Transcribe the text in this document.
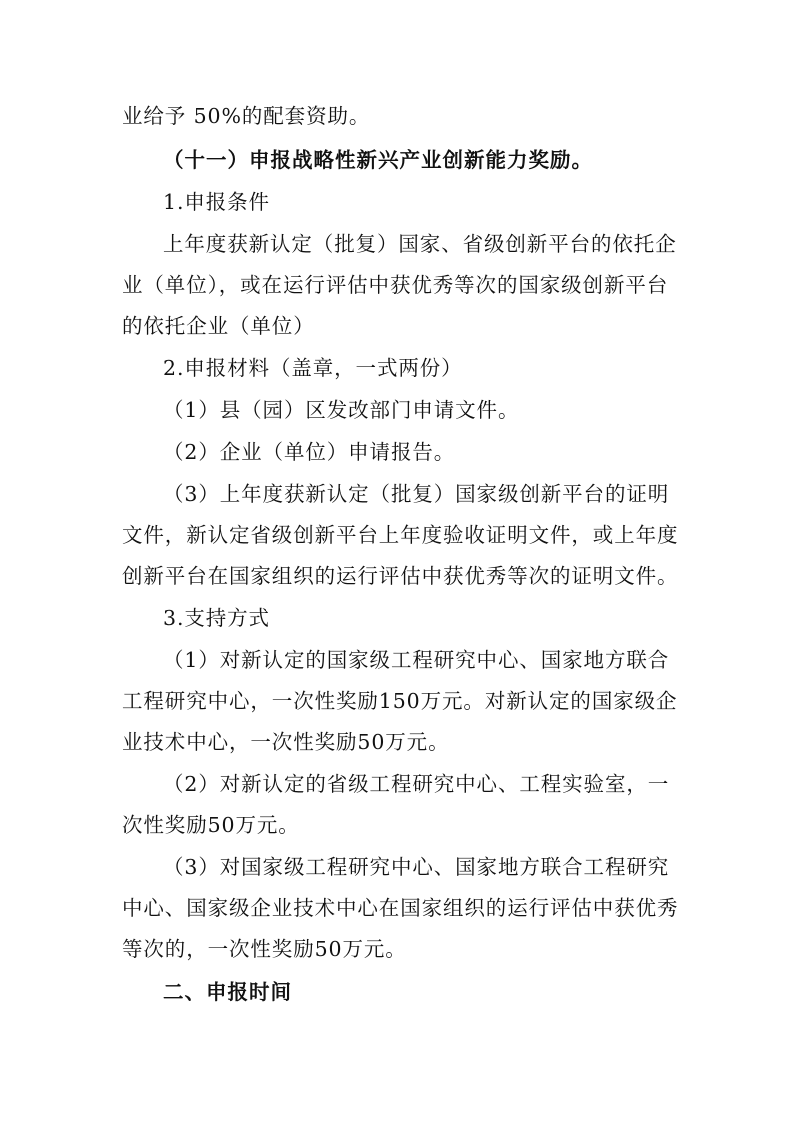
业给予 50%的配套资助。
（十一）申报战略性新兴产业创新能力奖励。
1.申报条件
上年度获新认定（批复）国家、省级创新平台的依托企
业（单位），或在运行评估中获优秀等次的国家级创新平台
的依托企业（单位）
2.申报材料（盖章，一式两份）
（1）县（园）区发改部门申请文件。
（2）企业（单位）申请报告。
（3）上年度获新认定（批复）国家级创新平台的证明
文件，新认定省级创新平台上年度验收证明文件，或上年度
创新平台在国家组织的运行评估中获优秀等次的证明文件。
3.支持方式
（1）对新认定的国家级工程研究中心、国家地方联合
工程研究中心，一次性奖励150万元。对新认定的国家级企
业技术中心，一次性奖励50万元。
（2）对新认定的省级工程研究中心、工程实验室，一
次性奖励50万元。
（3）对国家级工程研究中心、国家地方联合工程研究
中心、国家级企业技术中心在国家组织的运行评估中获优秀
等次的，一次性奖励50万元。
二、申报时间
